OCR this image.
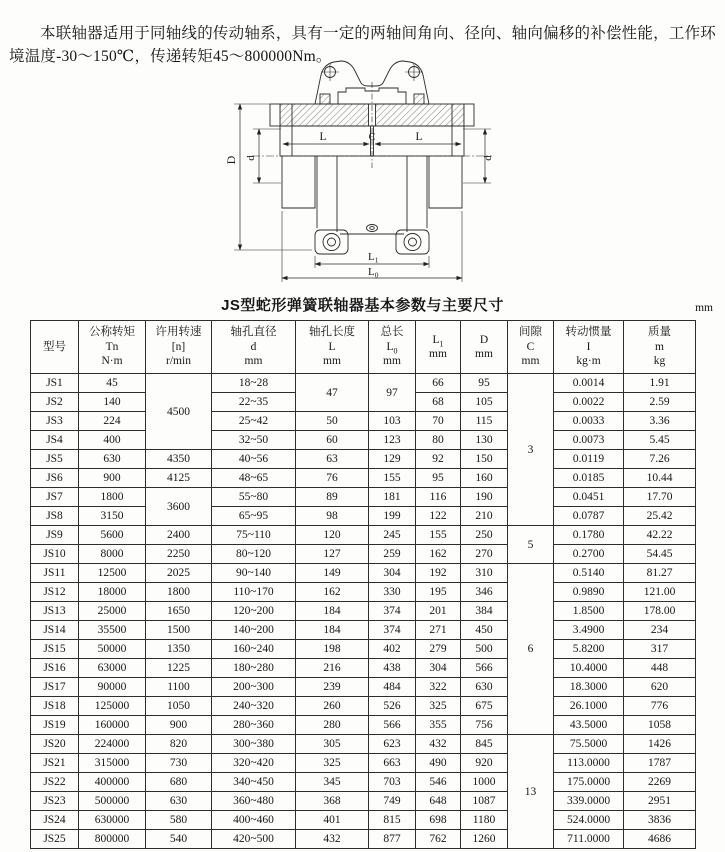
本联轴器适用于同轴线的传动轴系，具有一定的两轴间角向、径向、轴向偏移的补偿性能，工作环境温度-30～150℃，传递转矩45～800000Nm。

D d	d
L	C	L
$L_1$
$L_0$
JS型蛇形弹簧联轴器基本参数与主要尺寸	mm
型号

公称转矩
Tn
N·m

许用转速
[n]
r/min

轴孔直径
d
mm

轴孔长度
L
mm

总长
$L_0$
mm

$L_1$
mm

D
mm

间隙
C
mm

转动惯量
I
kg·m

质量
m
kg

JS1	45	4500	18~28	47	97	66	95	3	0.0014	1.91
JS2	140		22~35			68	105		0.0022	2.59
JS3	224		25~42	50	103	70	115		0.0033	3.36
JS4	400		32~50	60	123	80	130		0.0073	5.45
JS5	630	4350	40~56	63	129	92	150		0.0119	7.26
JS6	900	4125	48~65	76	155	95	160		0.0185	10.44
JS7	1800	3600	55~80	89	181	116	190		0.0451	17.70
JS8	3150		65~95	98	199	122	210		0.0787	25.42
JS9	5600	2400	75~110	120	245	155	250	5	0.1780	42.22
JS10	8000	2250	80~120	127	259	162	270		0.2700	54.45
JS11	12500	2025	90~140	149	304	192	310	6	0.5140	81.27
JS12	18000	1800	110~170	162	330	195	346		0.9890	121.00
JS13	25000	1650	120~200	184	374	201	384		1.8500	178.00
JS14	35500	1500	140~200	184	374	271	450		3.4900	234
JS15	50000	1350	160~240	198	402	279	500		5.8200	317
JS16	63000	1225	180~280	216	438	304	566		10.4000	448
JS17	90000	1100	200~300	239	484	322	630		18.3000	620
JS18	125000	1050	240~320	260	526	325	675		26.1000	776
JS19	160000	900	280~360	280	566	355	756		43.5000	1058
JS20	224000	820	300~380	305	623	432	845	13	75.5000	1426
JS21	315000	730	320~420	325	663	490	920		113.0000	1787
JS22	400000	680	340~450	345	703	546	1000		175.0000	2269
JS23	500000	630	360~480	368	749	648	1087		339.0000	2951
JS24	630000	580	400~460	401	815	698	1180		524.0000	3836
JS25	800000	540	420~500	432	877	762	1260		711.0000	4686
